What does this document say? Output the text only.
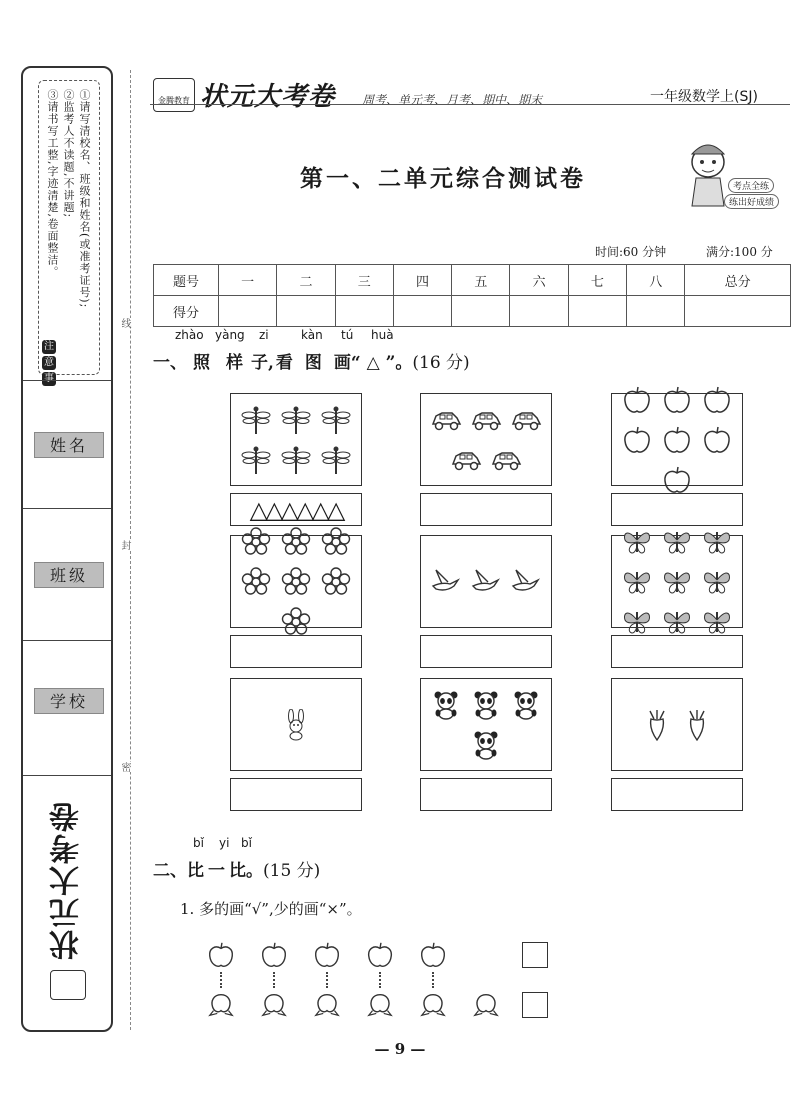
①请写清校名、班级和姓名(或准考证号);
②监考人不读题,不讲题;
③请书写工整,字迹清楚,卷面整洁。
注
意
事
姓名
班级
学校
状元大考卷
线
封
密
金腾教育 状元大考卷 周考、单元考、月考、期中、期末	一年级数学上(SJ)
第一、二单元综合测试卷	考点全练
练出好成绩
时间:60 分钟	满分:100 分
题号	一	二	三	四	五	六	七	八	总分
得分									
zhào yàng zi	kàn tú huà
一、 照 样 子, 看 图 画“ △ ”。(16 分)
△△△△△△
bǐ yi bǐ
二、比 一 比。(15 分)
1. 多的画“√”,少的画“×”。
— 9 —
